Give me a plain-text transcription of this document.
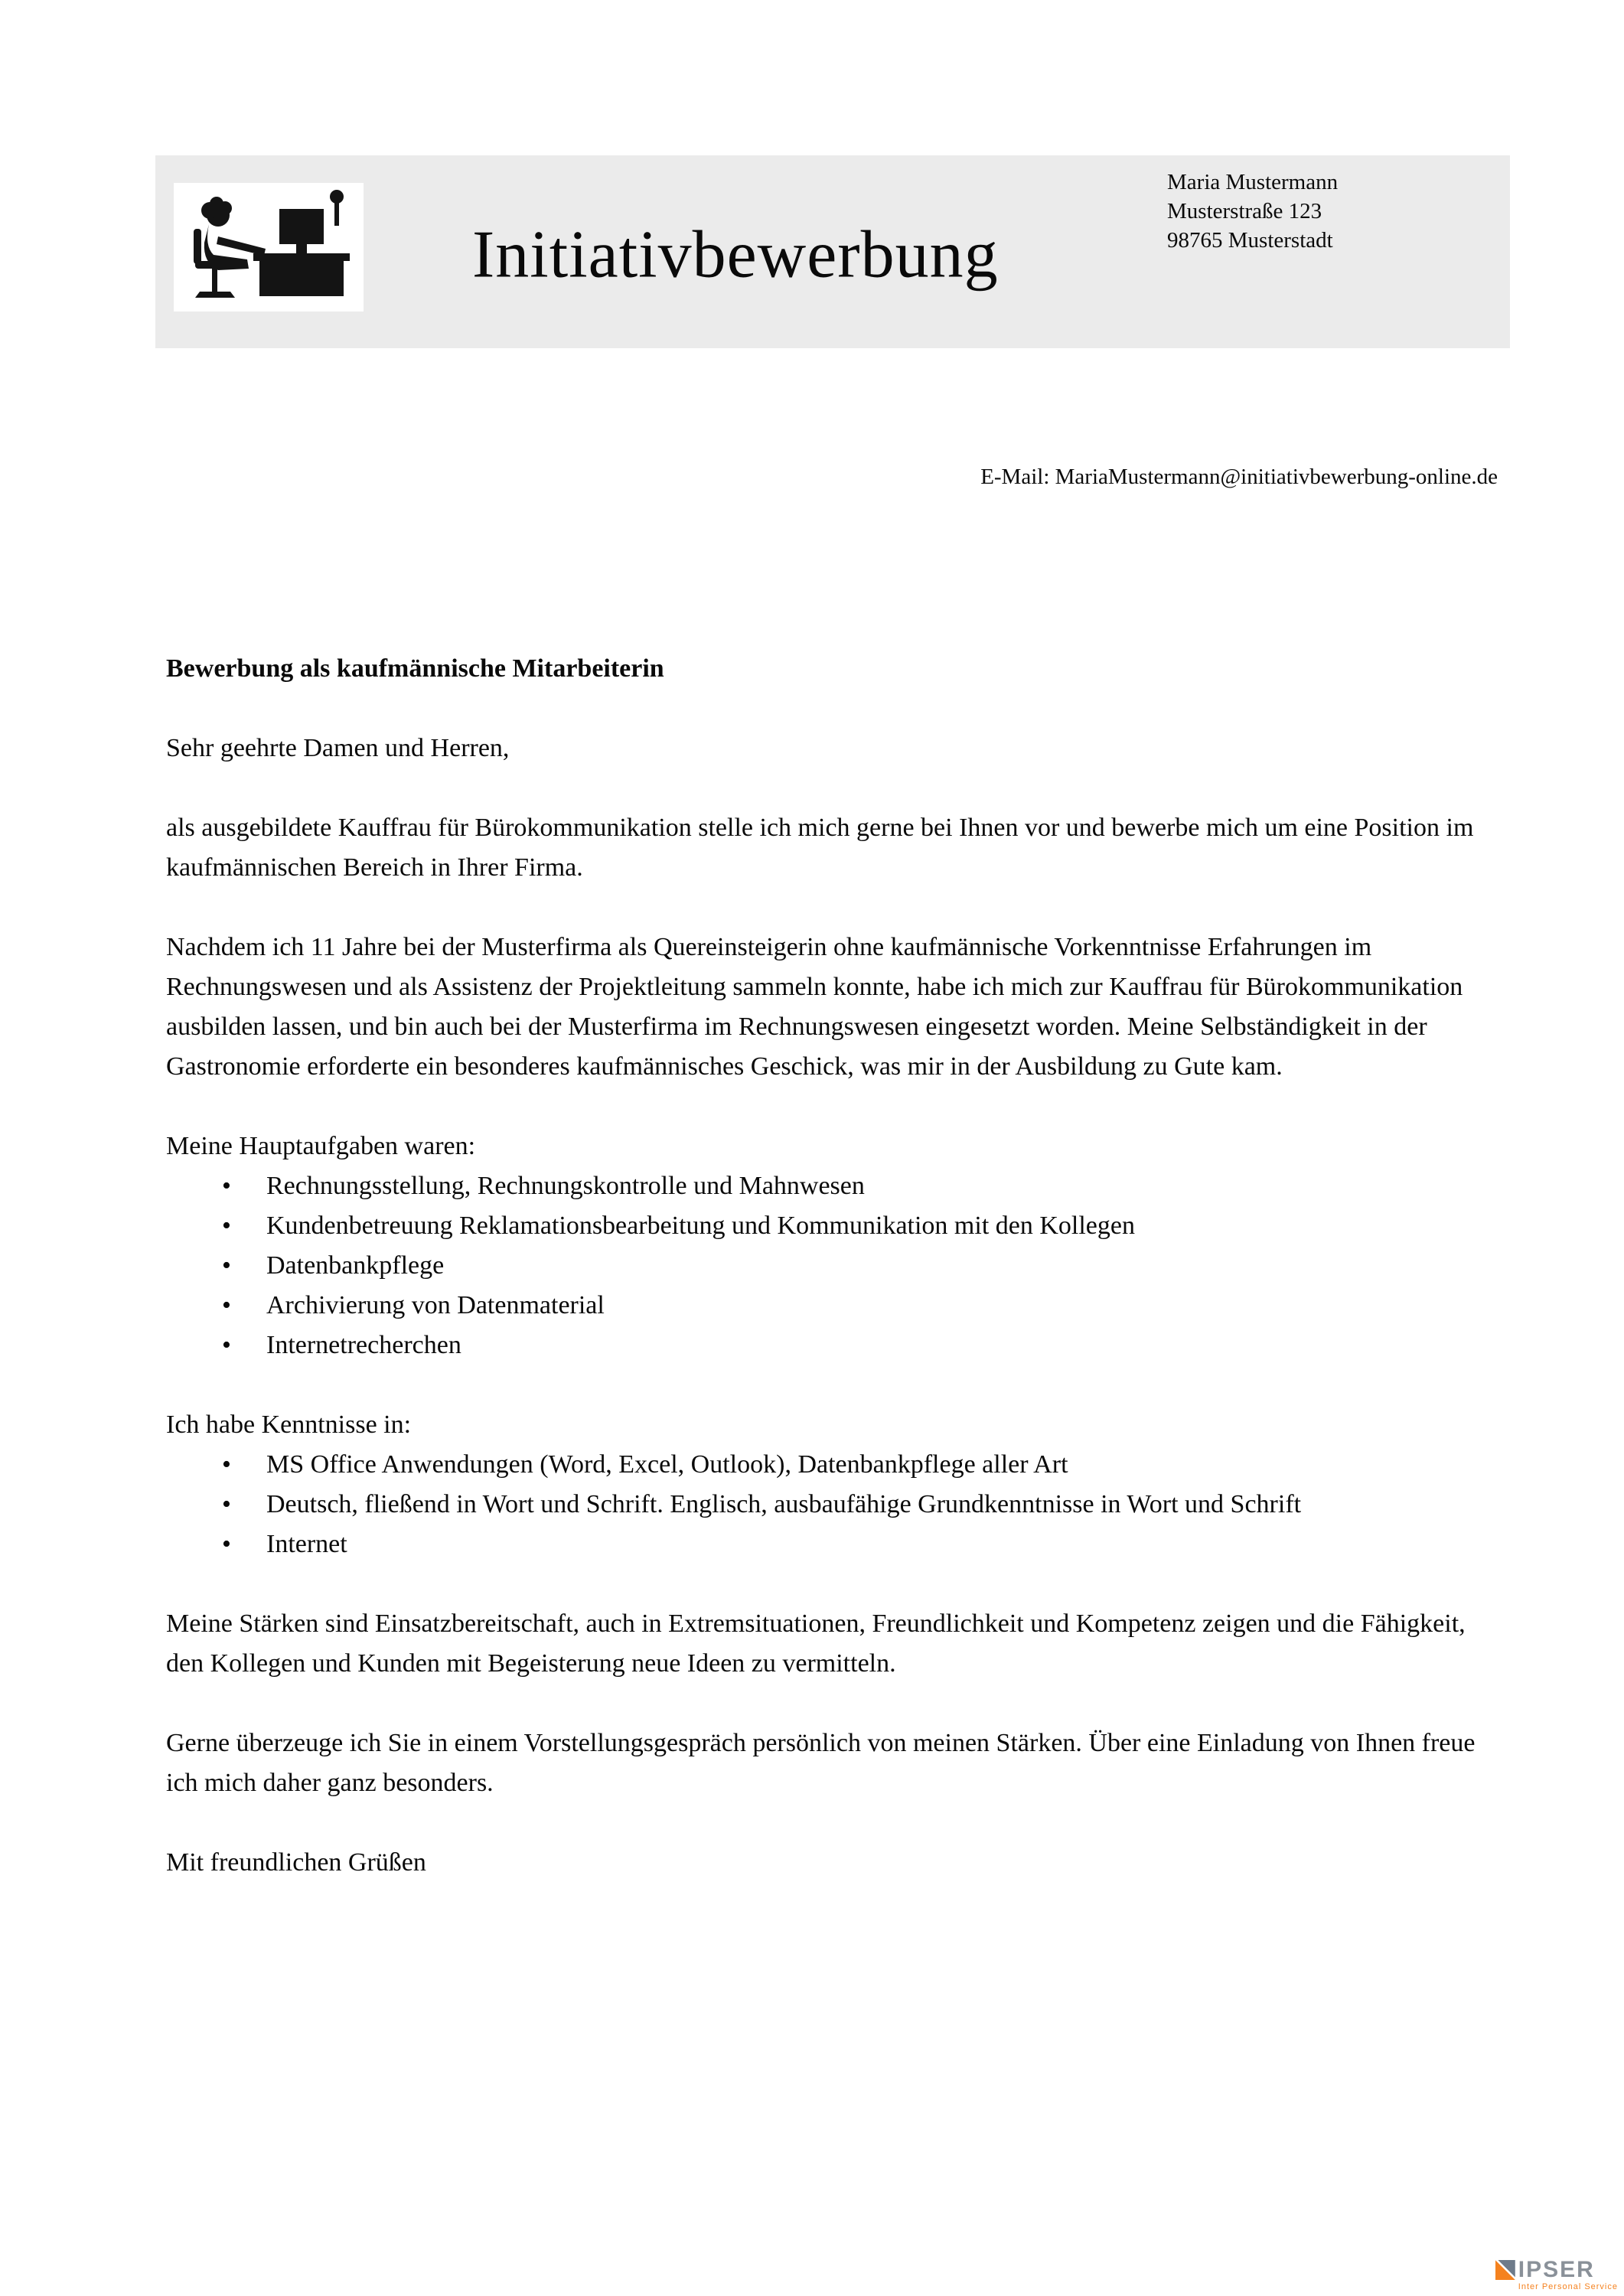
Initiativbewerbung
Maria Mustermann
Musterstraße 123
98765 Musterstadt
E-Mail: MariaMustermann@initiativbewerbung-online.de
Bewerbung als kaufmännische Mitarbeiterin

Sehr geehrte Damen und Herren,

als ausgebildete Kauffrau für Bürokommunikation stelle ich mich gerne bei Ihnen vor und bewerbe mich um eine Position im kaufmännischen Bereich in Ihrer Firma.

Nachdem ich 11 Jahre bei der Musterfirma als Quereinsteigerin ohne kaufmännische Vorkenntnisse Erfahrungen im Rechnungswesen und als Assistenz der Projektleitung sammeln konnte, habe ich mich zur Kauffrau für Bürokommunikation ausbilden lassen, und bin auch bei der Musterfirma im Rechnungswesen eingesetzt worden. Meine Selbständigkeit in der Gastronomie erforderte ein besonderes kaufmännisches Geschick, was mir in der Ausbildung zu Gute kam.

Meine Hauptaufgaben waren:

• Rechnungsstellung, Rechnungskontrolle und Mahnwesen
• Kundenbetreuung Reklamationsbearbeitung und Kommunikation mit den Kollegen
• Datenbankpflege
• Archivierung von Datenmaterial
• Internetrecherchen

Ich habe Kenntnisse in:

• MS Office Anwendungen (Word, Excel, Outlook), Datenbankpflege aller Art
• Deutsch, fließend in Wort und Schrift. Englisch, ausbaufähige Grundkenntnisse in Wort und Schrift
• Internet

Meine Stärken sind Einsatzbereitschaft, auch in Extremsituationen, Freundlichkeit und Kompetenz zeigen und die Fähigkeit, den Kollegen und Kunden mit Begeisterung neue Ideen zu vermitteln.

Gerne überzeuge ich Sie in einem Vorstellungsgespräch persönlich von meinen Stärken. Über eine Einladung von Ihnen freue ich mich daher ganz besonders.

Mit freundlichen Grüßen

IPSER
Inter Personal Service
